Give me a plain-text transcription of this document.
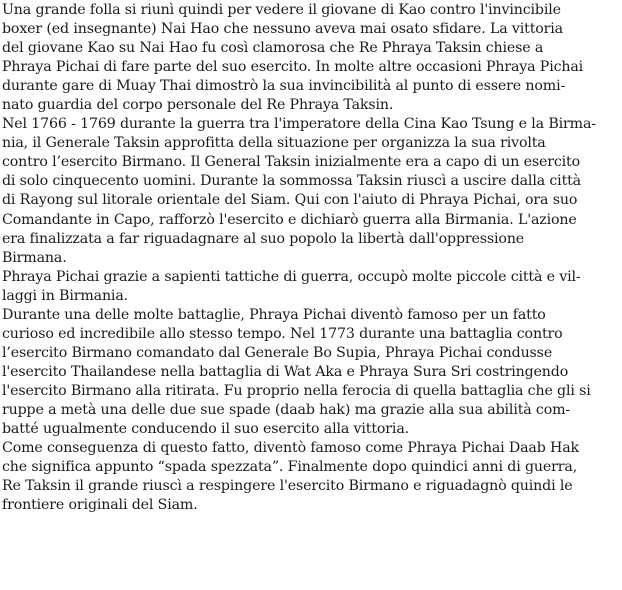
Una grande folla si riunì quindi per vedere il giovane di Kao contro l'invincibile
boxer (ed insegnante) Nai Hao che nessuno aveva mai osato sfidare. La vittoria
del giovane Kao su Nai Hao fu così clamorosa che Re Phraya Taksin chiese a
Phraya Pichai di fare parte del suo esercito. In molte altre occasioni Phraya Pichai
durante gare di Muay Thai dimostrò la sua invincibilità al punto di essere nomi-
nato guardia del corpo personale del Re Phraya Taksin.
Nel 1766 - 1769 durante la guerra tra l'imperatore della Cina Kao Tsung e la Birma-
nia, il Generale Taksin approfitta della situazione per organizza la sua rivolta
contro l’esercito Birmano. Il General Taksin inizialmente era a capo di un esercito
di solo cinquecento uomini. Durante la sommossa Taksin riuscì a uscire dalla città
di Rayong sul litorale orientale del Siam. Qui con l'aiuto di Phraya Pichai, ora suo
Comandante in Capo, rafforzò l'esercito e dichiarò guerra alla Birmania. L'azione
era finalizzata a far riguadagnare al suo popolo la libertà dall'oppressione
Birmana.
Phraya Pichai grazie a sapienti tattiche di guerra, occupò molte piccole città e vil-
laggi in Birmania.
Durante una delle molte battaglie, Phraya Pichai diventò famoso per un fatto
curioso ed incredibile allo stesso tempo. Nel 1773 durante una battaglia contro
l’esercito Birmano comandato dal Generale Bo Supia, Phraya Pichai condusse
l'esercito Thailandese nella battaglia di Wat Aka e Phraya Sura Sri costringendo
l'esercito Birmano alla ritirata. Fu proprio nella ferocia di quella battaglia che gli si
ruppe a metà una delle due sue spade (daab hak) ma grazie alla sua abilità com-
batté ugualmente conducendo il suo esercito alla vittoria.
Come conseguenza di questo fatto, diventò famoso come Phraya Pichai Daab Hak
che significa appunto “spada spezzata”. Finalmente dopo quindici anni di guerra,
Re Taksin il grande riuscì a respingere l'esercito Birmano e riguadagnò quindi le
frontiere originali del Siam.
